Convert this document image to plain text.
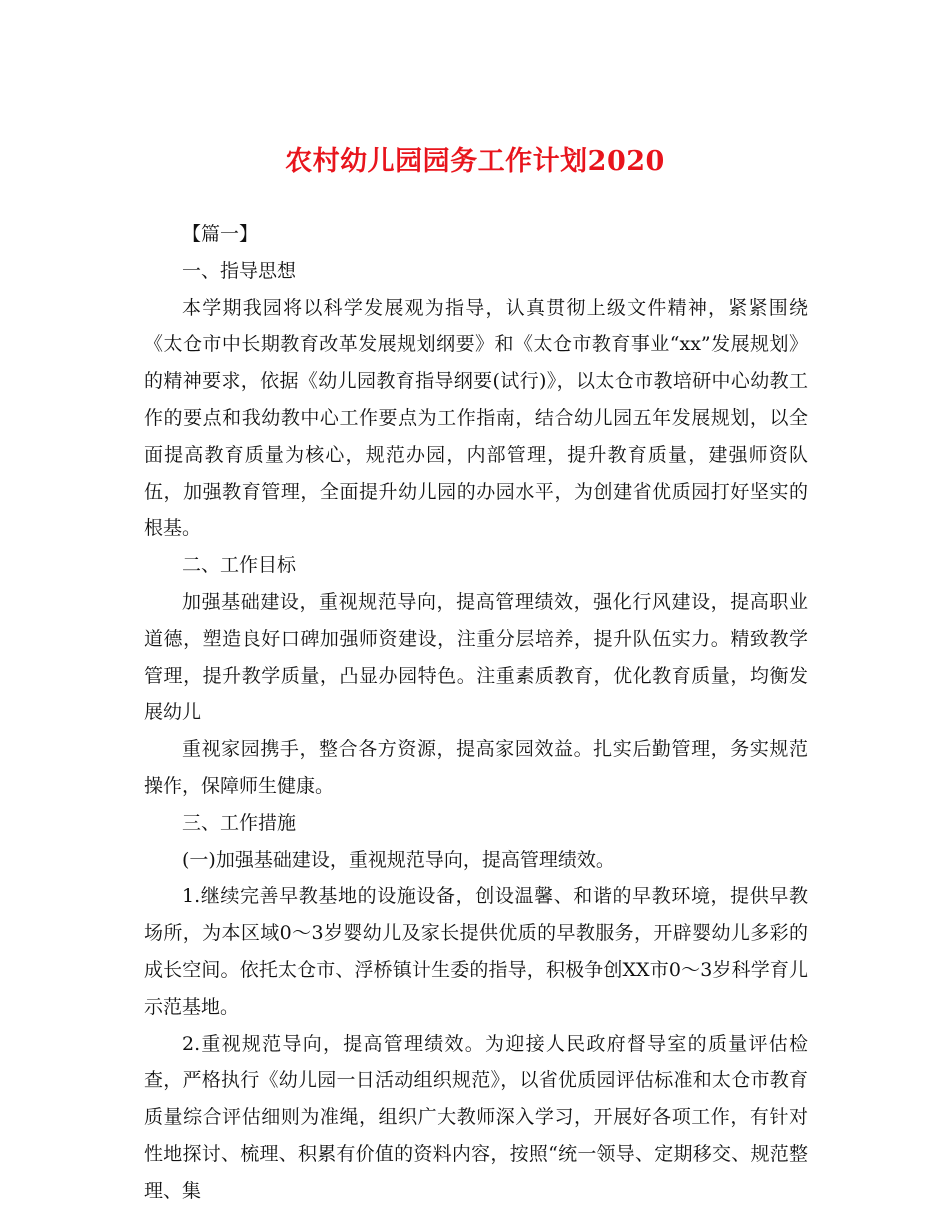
农村幼儿园园务工作计划2020

【篇一】

一、指导思想

本学期我园将以科学发展观为指导，认真贯彻上级文件精神，紧紧围绕《太仓市中长期教育改革发展规划纲要》和《太仓市教育事业“xx”发展规划》的精神要求，依据《幼儿园教育指导纲要(试行)》，以太仓市教培研中心幼教工作的要点和我幼教中心工作要点为工作指南，结合幼儿园五年发展规划，以全面提高教育质量为核心，规范办园，内部管理，提升教育质量，建强师资队伍，加强教育管理，全面提升幼儿园的办园水平，为创建省优质园打好坚实的根基。

二、工作目标

加强基础建设，重视规范导向，提高管理绩效，强化行风建设，提高职业道德，塑造良好口碑加强师资建设，注重分层培养，提升队伍实力。精致教学管理，提升教学质量，凸显办园特色。注重素质教育，优化教育质量，均衡发展幼儿

重视家园携手，整合各方资源，提高家园效益。扎实后勤管理，务实规范操作，保障师生健康。

三、工作措施

(一)加强基础建设，重视规范导向，提高管理绩效。

1.继续完善早教基地的设施设备，创设温馨、和谐的早教环境，提供早教场所，为本区域0～3岁婴幼儿及家长提供优质的早教服务，开辟婴幼儿多彩的成长空间。依托太仓市、浮桥镇计生委的指导，积极争创XX市0～3岁科学育儿示范基地。

2.重视规范导向，提高管理绩效。为迎接人民政府督导室的质量评估检查，严格执行《幼儿园一日活动组织规范》，以省优质园评估标准和太仓市教育质量综合评估细则为准绳，组织广大教师深入学习，开展好各项工作，有针对性地探讨、梳理、积累有价值的资料内容，按照“统一领导、定期移交、规范整理、集
